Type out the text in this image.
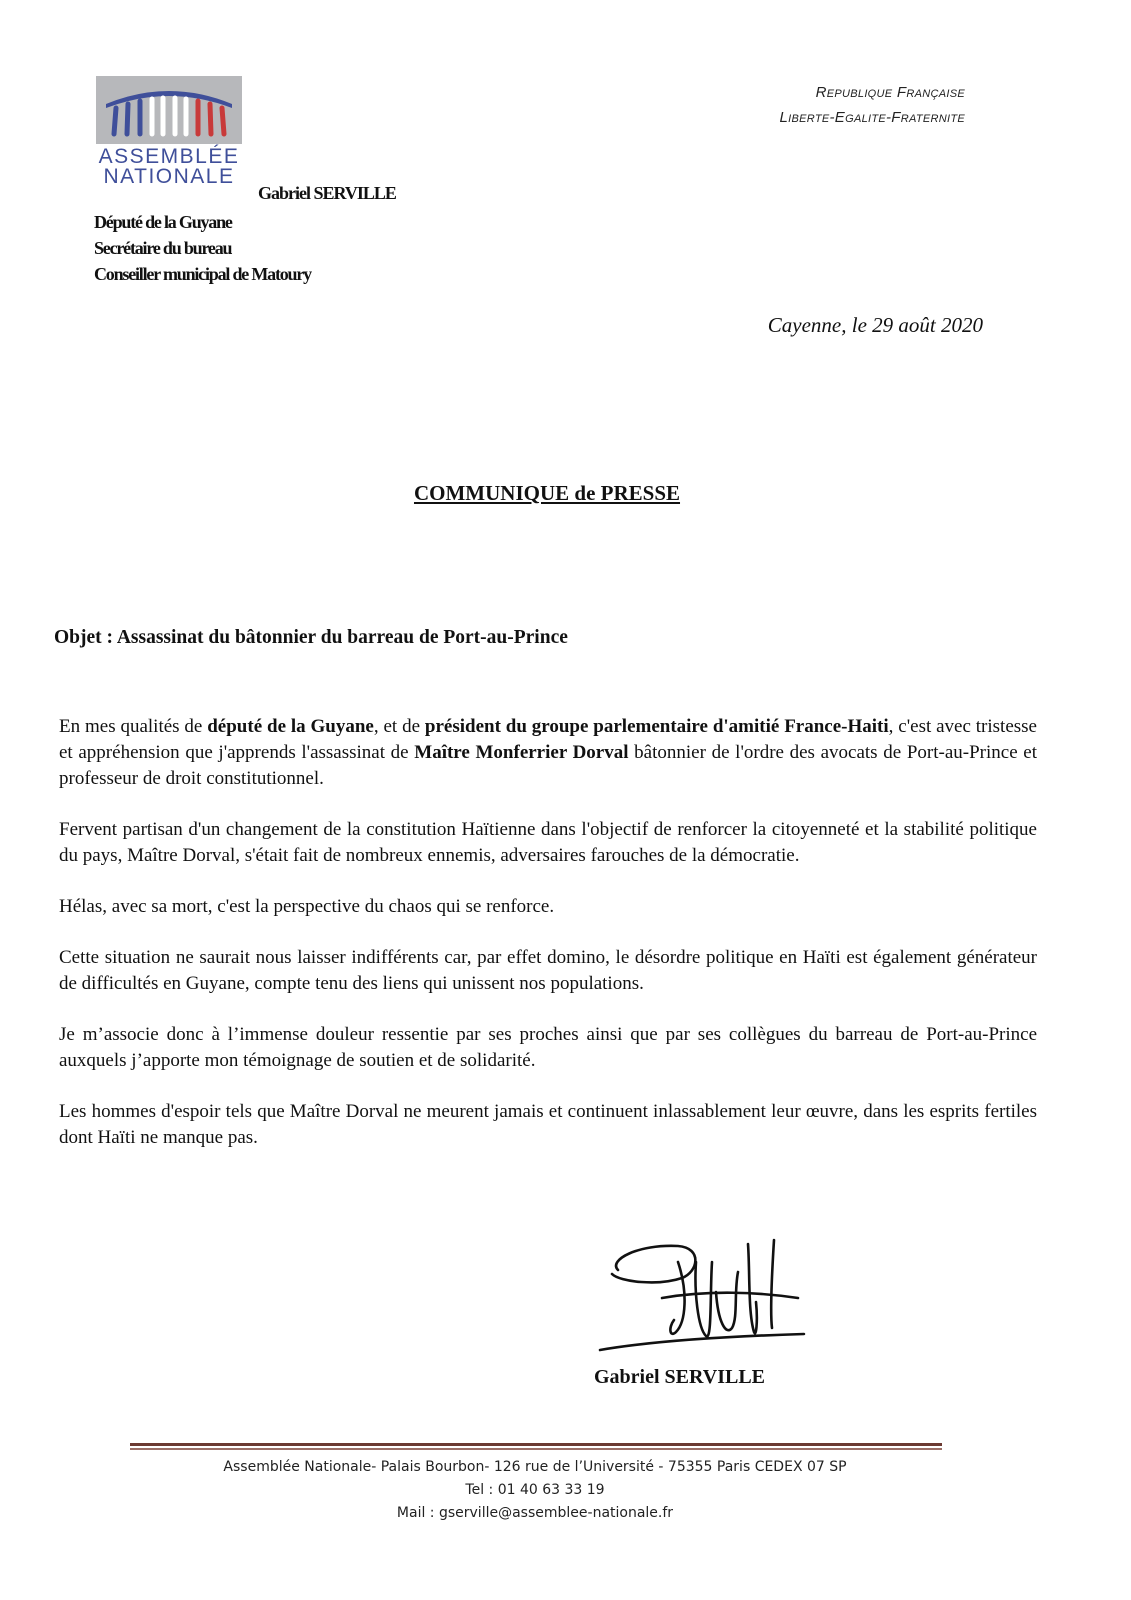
ASSEMBLÉE
NATIONALE
Gabriel SERVILLE
Député de la Guyane
Secrétaire du bureau
Conseiller municipal de Matoury
Republique Française
Liberte-Egalite-Fraternite
Cayenne, le 29 août 2020
COMMUNIQUE de PRESSE
Objet : Assassinat du bâtonnier du barreau de Port-au-Prince

En mes qualités de député de la Guyane, et de président du groupe parlementaire d'amitié France-Haiti, c'est avec tristesse et appréhension que j'apprends l'assassinat de Maître Monferrier Dorval bâtonnier de l'ordre des avocats de Port-au-Prince et professeur de droit constitutionnel.

Fervent partisan d'un changement de la constitution Haïtienne dans l'objectif de renforcer la citoyenneté et la stabilité politique du pays, Maître Dorval, s'était fait de nombreux ennemis, adversaires farouches de la démocratie.

Hélas, avec sa mort, c'est la perspective du chaos qui se renforce.

Cette situation ne saurait nous laisser indifférents car, par effet domino, le désordre politique en Haïti est également générateur de difficultés en Guyane, compte tenu des liens qui unissent nos populations.

Je m’associe donc à l’immense douleur ressentie par ses proches ainsi que par ses collègues du barreau de Port-au-Prince auxquels j’apporte mon témoignage de soutien et de solidarité.

Les hommes d'espoir tels que Maître Dorval ne meurent jamais et continuent inlassablement leur œuvre, dans les esprits fertiles dont Haïti ne manque pas.

Gabriel SERVILLE
Assemblée Nationale- Palais Bourbon- 126 rue de l’Université - 75355 Paris CEDEX 07 SP
Tel : 01 40 63 33 19
Mail : gserville@assemblee-nationale.fr
